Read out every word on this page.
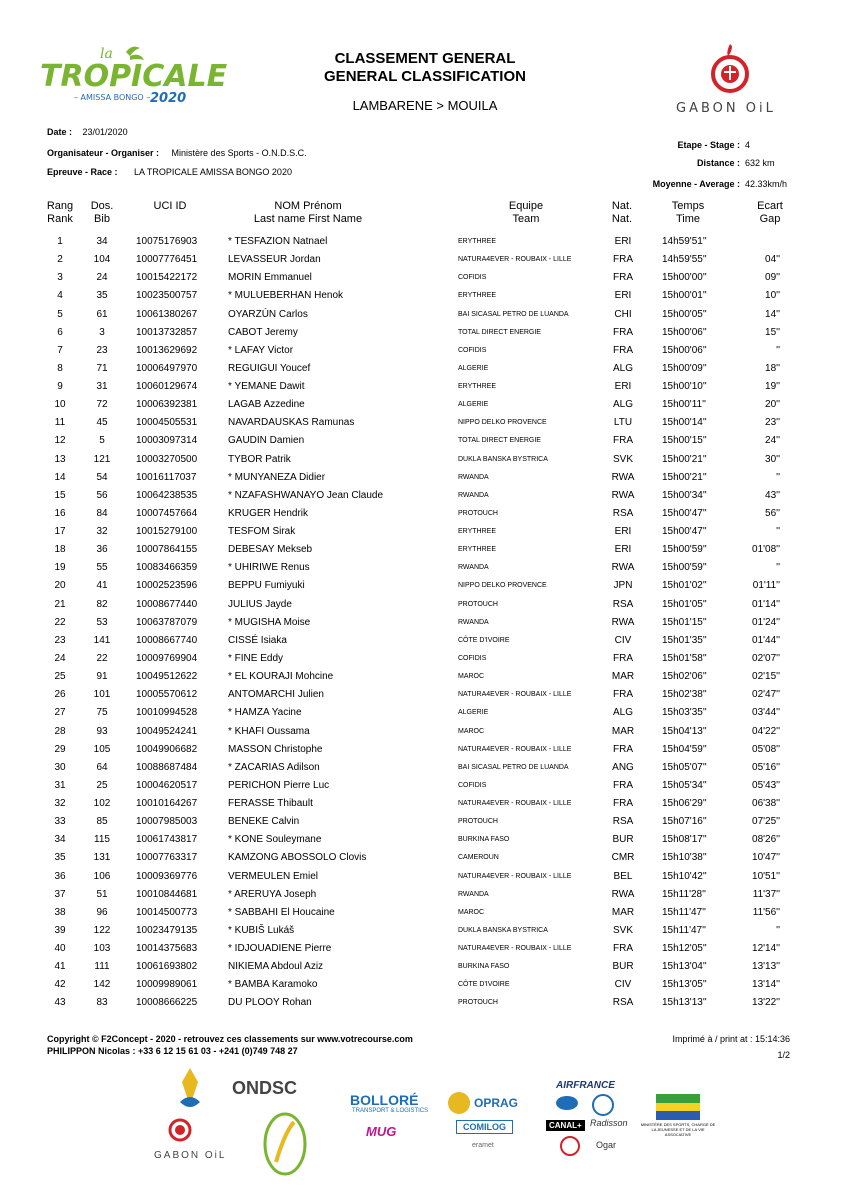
la
TROPICALE
– AMISSA BONGO – 2020
CLASSEMENT GENERAL
GENERAL CLASSIFICATION
LAMBARENE > MOUILA	GABON OiL
Date : 23/01/2020
Organisateur - Organiser : Ministère des Sports - O.N.D.S.C.
Epreuve - Race : LA TROPICALE AMISSA BONGO 2020
Etape - Stage : 4
Distance : 632 km
Moyenne - Average : 42.33km/h
Rang
Rank
Dos.
Bib
UCI ID	NOM Prénom
Last name First Name
Equipe
Team
Nat.
Nat.
Temps
Time
Ecart
Gap
1	34	10075176903	* TESFAZION Natnael	ERYTHREE	ERI	14h59'51''
2	104	10007776451	LEVASSEUR Jordan	NATURA4EVER - ROUBAIX - LILLE	FRA	14h59'55''	04''
3	24	10015422172	MORIN Emmanuel	COFIDIS	FRA	15h00'00''	09''
4	35	10023500757	* MULUEBERHAN Henok	ERYTHREE	ERI	15h00'01''	10''
5	61	10061380267	OYARZÚN Carlos	BAI SICASAL PETRO DE LUANDA	CHI	15h00'05''	14''
6	3	10013732857	CABOT Jeremy	TOTAL DIRECT ENERGIE	FRA	15h00'06''	15''
7	23	10013629692	* LAFAY Victor	COFIDIS	FRA	15h00'06''	''
8	71	10006497970	REGUIGUI Youcef	ALGERIE	ALG	15h00'09''	18''
9	31	10060129674	* YEMANE Dawit	ERYTHREE	ERI	15h00'10''	19''
10	72	10006392381	LAGAB Azzedine	ALGERIE	ALG	15h00'11''	20''
11	45	10004505531	NAVARDAUSKAS Ramunas	NIPPO DELKO PROVENCE	LTU	15h00'14''	23''
12	5	10003097314	GAUDIN Damien	TOTAL DIRECT ENERGIE	FRA	15h00'15''	24''
13	121	10003270500	TYBOR Patrik	DUKLA BANSKA BYSTRICA	SVK	15h00'21''	30''
14	54	10016117037	* MUNYANEZA Didier	RWANDA	RWA	15h00'21''	''
15	56	10064238535	* NZAFASHWANAYO Jean Claude	RWANDA	RWA	15h00'34''	43''
16	84	10007457664	KRUGER Hendrik	PROTOUCH	RSA	15h00'47''	56''
17	32	10015279100	TESFOM Sirak	ERYTHREE	ERI	15h00'47''	''
18	36	10007864155	DEBESAY Mekseb	ERYTHREE	ERI	15h00'59''	01'08''
19	55	10083466359	* UHIRIWE Renus	RWANDA	RWA	15h00'59''	''
20	41	10002523596	BEPPU Fumiyuki	NIPPO DELKO PROVENCE	JPN	15h01'02''	01'11''
21	82	10008677440	JULIUS Jayde	PROTOUCH	RSA	15h01'05''	01'14''
22	53	10063787079	* MUGISHA Moise	RWANDA	RWA	15h01'15''	01'24''
23	141	10008667740	CISSÉ Isiaka	CÔTE D'IVOIRE	CIV	15h01'35''	01'44''
24	22	10009769904	* FINE Eddy	COFIDIS	FRA	15h01'58''	02'07''
25	91	10049512622	* EL KOURAJI Mohcine	MAROC	MAR	15h02'06''	02'15''
26	101	10005570612	ANTOMARCHI Julien	NATURA4EVER - ROUBAIX - LILLE	FRA	15h02'38''	02'47''
27	75	10010994528	* HAMZA Yacine	ALGERIE	ALG	15h03'35''	03'44''
28	93	10049524241	* KHAFI Oussama	MAROC	MAR	15h04'13''	04'22''
29	105	10049906682	MASSON Christophe	NATURA4EVER - ROUBAIX - LILLE	FRA	15h04'59''	05'08''
30	64	10088687484	* ZACARIAS Adilson	BAI SICASAL PETRO DE LUANDA	ANG	15h05'07''	05'16''
31	25	10004620517	PERICHON Pierre Luc	COFIDIS	FRA	15h05'34''	05'43''
32	102	10010164267	FERASSE Thibault	NATURA4EVER - ROUBAIX - LILLE	FRA	15h06'29''	06'38''
33	85	10007985003	BENEKE Calvin	PROTOUCH	RSA	15h07'16''	07'25''
34	115	10061743817	* KONE Souleymane	BURKINA FASO	BUR	15h08'17''	08'26''
35	131	10007763317	KAMZONG ABOSSOLO Clovis	CAMEROUN	CMR	15h10'38''	10'47''
36	106	10009369776	VERMEULEN Emiel	NATURA4EVER - ROUBAIX - LILLE	BEL	15h10'42''	10'51''
37	51	10010844681	* ARERUYA Joseph	RWANDA	RWA	15h11'28''	11'37''
38	96	10014500773	* SABBAHI El Houcaine	MAROC	MAR	15h11'47''	11'56''
39	122	10023479135	* KUBIŠ Lukáš	DUKLA BANSKA BYSTRICA	SVK	15h11'47''	''
40	103	10014375683	* IDJOUADIENE Pierre	NATURA4EVER - ROUBAIX - LILLE	FRA	15h12'05''	12'14''
41	111	10061693802	NIKIEMA Abdoul Aziz	BURKINA FASO	BUR	15h13'04''	13'13''
42	142	10009989061	* BAMBA Karamoko	CÔTE D'IVOIRE	CIV	15h13'05''	13'14''
43	83	10008666225	DU PLOOY Rohan	PROTOUCH	RSA	15h13'13''	13'22''
Copyright © F2Concept - 2020 - retrouvez ces classements sur www.votrecourse.com
PHILIPPON Nicolas : +33 6 12 15 61 03 - +241 (0)749 748 27
Imprimé à / print at : 15:14:36
1/2
ONDSC
GABON OiL
BOLLORÉ
TRANSPORT & LOGISTICS
OPRAG
MUG	COMILOG
eramet
AIRFRANCE
CANAL+ Radisson
Ogar
MINISTÈRE DES SPORTS, CHARGÉ DE LA JEUNESSE ET DE LA VIE ASSOCIATIVE
